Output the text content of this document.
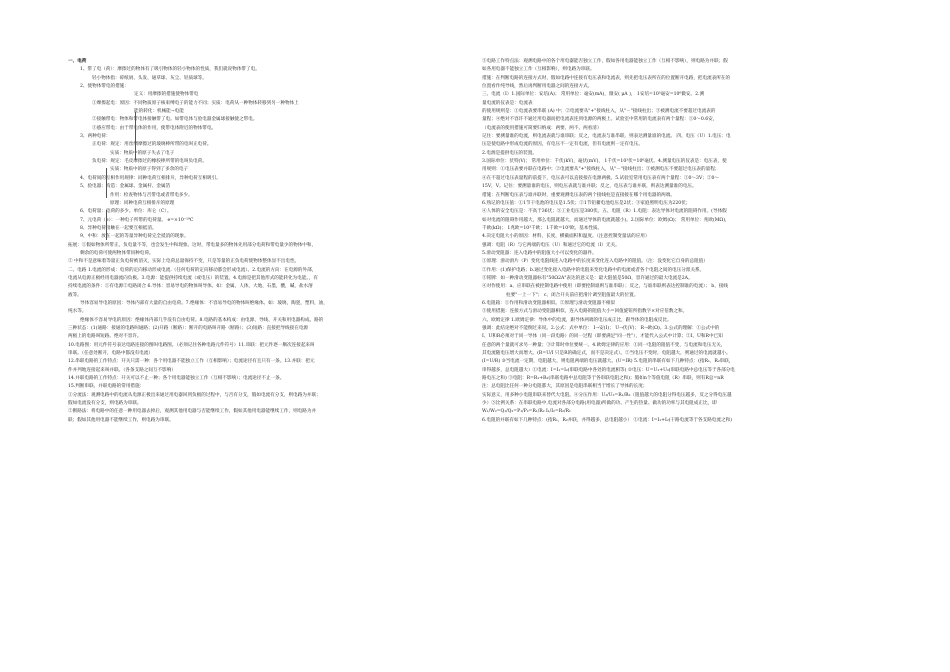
一、电荷

1、带了电（荷）：摩擦过的物体有了吸引物体的轻小物体的性质，我们就说物体带了电。

轻小物体指：碎纸屑、头发、通草球、灰尘、轻质球等。

2、使物体带电的措施：

定义：用摩擦的措施使物体带电

①摩擦起电：原因：不同物质原子核束缚电子的能力不同；实质：电荷从一种物体转移到另一种物体上

能的转化：机械能→电能

②接触带电：物体和带电体接触带了电。如带电体与验电器金属球接触使之带电。

③感应带电：由于带电体的作用，使带电体附近的物体带电。

3、两种电荷：

正电荷：规定：用丝绸摩擦过的玻璃棒所带的电叫正电荷。

实质：物质中的原子失去了电子

负电荷：规定：毛皮摩擦过的橡胶棒所带的电叫负电荷。

实质：物质中的原子得到了多余的电子

4、电荷间的互相作用规律：同种电荷互相排斥，异种电荷互相吸引。

5、验电器：构造：金属球、金属杆、金属箔

作用：检查物体与否带电或者带电多少。

原理：同种电荷互相排斥的原理

6、电荷量：电荷的多少。单位：库仑（C）。

7、元电荷（e）：一种电子所带的电荷量。 e=×10⁻¹⁹C

8、异种电荷接触在一起要互相抵消。

9、中和：放在一起的等量异种电荷完全抵消的现象。

拓展：①假如物体所带正、负电量不等，也会发生中和现象。这时，带电量多的物体先用部分电荷和带电量少的物体中和，

剩余的电荷可使两物体带同种电荷。

② 中和不是意味着等量正负电荷被消灭，实际上电荷总量保持不变，只是等量的正负电荷使物体整体显不出电性。

二、电路 1.电流的形成：电荷的定向移动形成电流.（任何电荷的定向移动都会形成电流）。2.电流的方向：在电源的外部，

电流从电源正极经用电器流向负极。3.电源：能提供持续电流（或电压）的装置。4.电源是把其他形式的能转化为电能。，有

持续电流的条件：①有电源②电路闭合 6.导体：容易导电的物体叫导体。如：金属，人体，大地，石墨，酸，碱，盐水溶

液等。

导体容易导电的原因：导体内部有大量的自由电荷。7.绝缘体：不容易导电的物体叫绝缘体。如：玻璃，陶瓷，塑料，油，

纯水等。

绝缘体不容易导电的原因：绝缘体内部几乎没有自由电荷。8.电路的基本构成：由电源、导线、开关和用电器构成。路的

三种状态：(1)通路：接通的电路叫通路；(2)开路（断路）：断开的电路叫开路（断路）；(3)短路：直接把导线接在电源

两极上的电路叫短路。绝对不容许。

10.电路图：用元件符号表达电路连接的图叫电路图。（必须记住各种电路元件符号）11.串联：把元件逐一顺次连接起来叫

串联。（任意处断开，电路中都没有电流）

12.串联电路的工作特点：开关只需一种：各个用电器不能独立工作（互相影响）；电流途径有且只有一条。13.并联：把元

件并列地连接起来叫并联。（各条支路之间互不影响）

14.并联电路的工作特点：开关可以不止一种；各个用电器能独立工作（互相不影响）；电流途径不止一条。

15.判断串联、并联电路的常用措施：

①分流法：观测电路中的电流从电源正极出来通过用电器回到负极的过程中，与否有分支，假如电流有分支，则电路为并联；

假如电流没有分支，则电路为串联。

②断路法：将电路中的任意一种用电器去掉后，观测其他用电器与否能继续工作，假如其他用电器能继续工作，则电路为并

联；假如其他用电器不能继续工作，则电路为串联。

③电路工作特点法：观测电路中的各个用电器能否独立工作，假如各用电器能独立工作（互相不影响），则电路为并联；假

如各用电器不能独立工作（互相影响），则电路为串联。

措施：在判断电路的连接方式时，假如电路中连接有电压表和电流表，则先把电压表所在的位置断开电路，把电流表所在的

位置看作纯导线，然后再判断用电器之间的连接方式。

三、电流（I）1.国际单位：安培(A)； 常用单位：毫安(mA)，微安( μA )， 1安培=10³毫安=10⁶微安。2.测

量电流的仪表是：电流表

的使用规则是：①电流表要串联 (A) 中；②电流要从"+"接线柱入，从"－"接线柱出；③被测电流不要超过电流表的

量程；④绝对不容许不通过用电器而把电流表连到电源的两极上。试验室中常用的电流表有两个量程：①0～0.6安，

（电流表的使用措施可简要归纳成：两要、两不、两看清）

记住：要测量谁的电流，则电流表就与谁串联；反之，电流表与谁串联，则表达测量谁的电流。 四、电压（U）1.电压：电

压是使电路中形成电流的原因，有电压不一定有电流，但有电流则一定有电压。

2.电源是提供电压的装置。

3.国际单位：伏特(V)； 常用单位：千伏(kV)，毫伏(mV)， 1千伏=10³伏=10⁶毫伏。4.测量电压的仪表是：电压表，使

用规则：①电压表要并联在电路中；②电流要从"+"接线柱入，从"－"接线柱出；③被测电压不要超过电压表的量程；

④在不超过电压表量程的前提下，电压表可以直接接在电源两极。5.试验室常用电压表有两个量程：①0～3V；②0～

15V，V。记住：要测量谁的电压，则电压表就与谁并联；反之，电压表与谁并联，则表达测量谁的电压。

措施：在判断电压表与谁并联时，重要观测电压表的两个接线柱是直接接在哪个用电器的两端。

6.熟记的电压值：①1节干电池的电压是1.5伏；②1节铅蓄电池电压是2伏；③家庭照明电压为220伏；

④人体的安全电压是：不高于36伏；⑤工业电压是380伏。五、电阻（R）1.电阻：表达导体对电流的阻碍作用。(导体假

如对电流的阻碍作用越大，那么电阻就越大，而通过导体的电流就越小)。2.国际单位：欧姆(Ω)； 常用单位：兆欧(MΩ)，

千欧(kΩ)； 1兆欧=10³千欧； 1千欧=10³欧。基本性质。

4.决定电阻大小的原因：材料，长度，横截面积和温度。（注意控制变量法的应用）

强调：电阻（R）与它两端的电压（U）和通过它的电流（I）无关。

5.滑动变阻器：连入电路中的阻值大小可以变化的器件。

①原理：滑动滑片（P）变化电阻线连入电路中的长度来变化连入电路中的阻值。（注：没变化它自身的总阻值）

②作用：(1)保护电路；b.通过变化接入电路中的电阻来变化电路中的电流或者各个电阻之间的电压分派关系。

③铭牌：如一种滑动变阻器标有"50Ω2A"表达的意义是：最大阻值是50Ω，容许通过的最大电流是2A。

④对作使用：a、应串联在被控制电路中使用（即要控制谁则与谁串联）；反之，与谁串联则表达控制谁的电流）； b、接线

柱要"一上一下"； c、闭合开关前应把滑片调至阻值最大的位置。

6.电阻箱：①作用和滑动变阻器相似。②原理与滑动变阻器不相似

③使用措施：连接方式与滑动变阻器相似，连入电路的阻值大小=回值旋钮所指数字×对应倍数之和。

六、欧姆定律 1.欧姆定律：导体中的电流，跟导体两端的电压成正比，跟导体的电阻成反比。

强调：此结论绝对不能倒过来说。2.公式：式中单位： I→安(I)； U→伏(V)； R→欧(Ω)。3.公式的理解：①公式中的

I、U和R必须对于同一导体（同一段电路）的同一过程（即要满足"同一性"），才能代入公式中计算；②I、U和R中已知

任意的两个量就可求另一种量；③计算时单位要统一。4.欧姆定律的应用：①同一电阻的阻值不变，与电流和电压无关，

其电流随电压增大而增大。(R=U/I 只是R的确定式，而不是决定式）。②当电压不变时，电阻越大，则通过的电流就越小。

(I=U/R) ③当电流一定期，电阻越大，则电阻两端的电压就越大。(U=IR) 5.电阻的串联有如下几种特点：(指R₁，R₂串联，

串得越多，总电阻越大）①电流：I=I₁=I₂(串联电路中各处的电流相等) ②电压：U=U₁+U₂(串联电路中总电压等于各部分电

路电压之和) ③电阻：R=R₁+R₂(串联电路中总电阻等于各串联电阻之和)；假如n个等值电阻（R）串联，则有R总=nR

注：总电阻比任何一种分电阻都大，其原因是电阻串联相当于增长了导体的长度；

实际意义，用多种小电阻串联来替代大电阻。④分压作用：U₁/U₂=R₁/R₂（阻值越大的电阻分得电压越多，反之分得电压越

少）⑤比例关系：在串联电路中,电流对各部分电路(用电器)所做的功、产生的热量、做功的功率与其电阻成正比，即

W₁/W₂=Q₁/Q₂=P₁/P₂=R₁/R₂ I₁/I₂=R₂/R₁

6.电阻的并联有如下几种特点：(指R₁，R₂并联，并得越多，总电阻越小） ①电流：I=I₁+I₂(干路电流等于各支路电流之和)
